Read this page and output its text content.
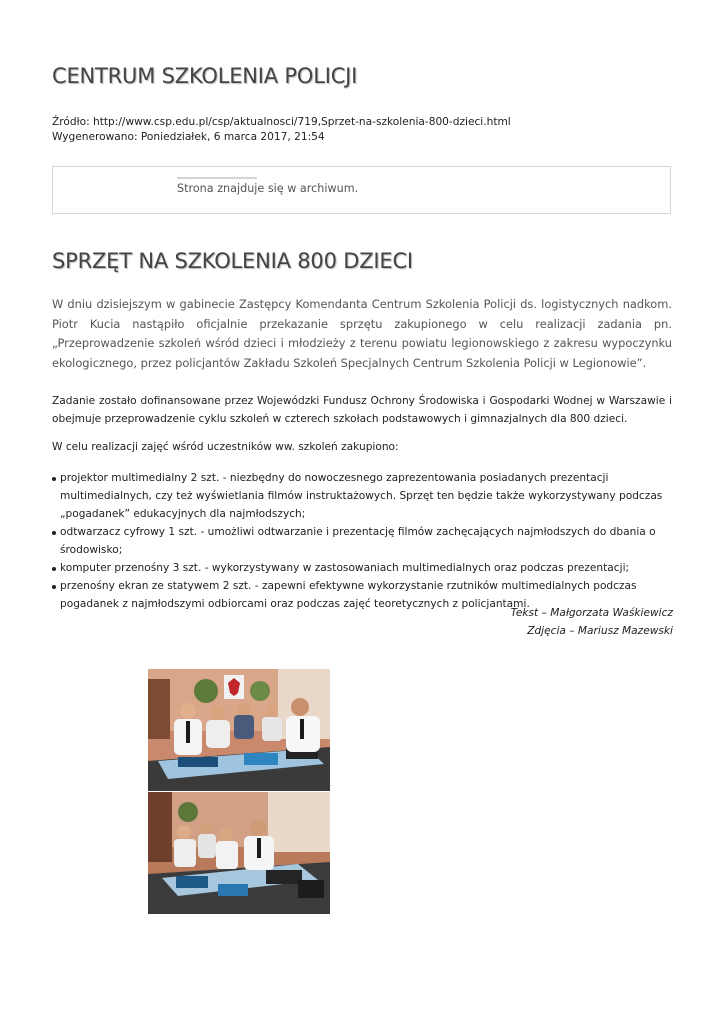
CENTRUM SZKOLENIA POLICJI
Źródło: http://www.csp.edu.pl/csp/aktualnosci/719,Sprzet-na-szkolenia-800-dzieci.html
Wygenerowano: Poniedziałek, 6 marca 2017, 21:54
Strona znajduje się w archiwum.
SPRZĘT NA SZKOLENIA 800 DZIECI

W dniu dzisiejszym w gabinecie Zastępcy Komendanta Centrum Szkolenia Policji ds. logistycznych nadkom. Piotr Kucia nastąpiło oficjalnie przekazanie sprzętu zakupionego w celu realizacji zadania pn. „Przeprowadzenie szkoleń wśród dzieci i młodzieży z terenu powiatu legionowskiego z zakresu wypoczynku ekologicznego, przez policjantów Zakładu Szkoleń Specjalnych Centrum Szkolenia Policji w Legionowie”.

Zadanie zostało dofinansowane przez Wojewódzki Fundusz Ochrony Środowiska i Gospodarki Wodnej w Warszawie i obejmuje przeprowadzenie cyklu szkoleń w czterech szkołach podstawowych i gimnazjalnych dla 800 dzieci.

W celu realizacji zajęć wśród uczestników ww. szkoleń zakupiono:

projektor multimedialny 2 szt. - niezbędny do nowoczesnego zaprezentowania posiadanych prezentacji multimedialnych, czy też wyświetlania filmów instruktażowych. Sprzęt ten będzie także wykorzystywany podczas „pogadanek” edukacyjnych dla najmłodszych;
odtwarzacz cyfrowy 1 szt. - umożliwi odtwarzanie i prezentację filmów zachęcających najmłodszych do dbania o środowisko;
komputer przenośny 3 szt. - wykorzystywany w zastosowaniach multimedialnych oraz podczas prezentacji;
przenośny ekran ze statywem 2 szt. - zapewni efektywne wykorzystanie rzutników multimedialnych podczas pogadanek z najmłodszymi odbiorcami oraz podczas zajęć teoretycznych z policjantami.
Tekst – Małgorzata Waśkiewicz
Zdjęcia – Mariusz Mazewski
